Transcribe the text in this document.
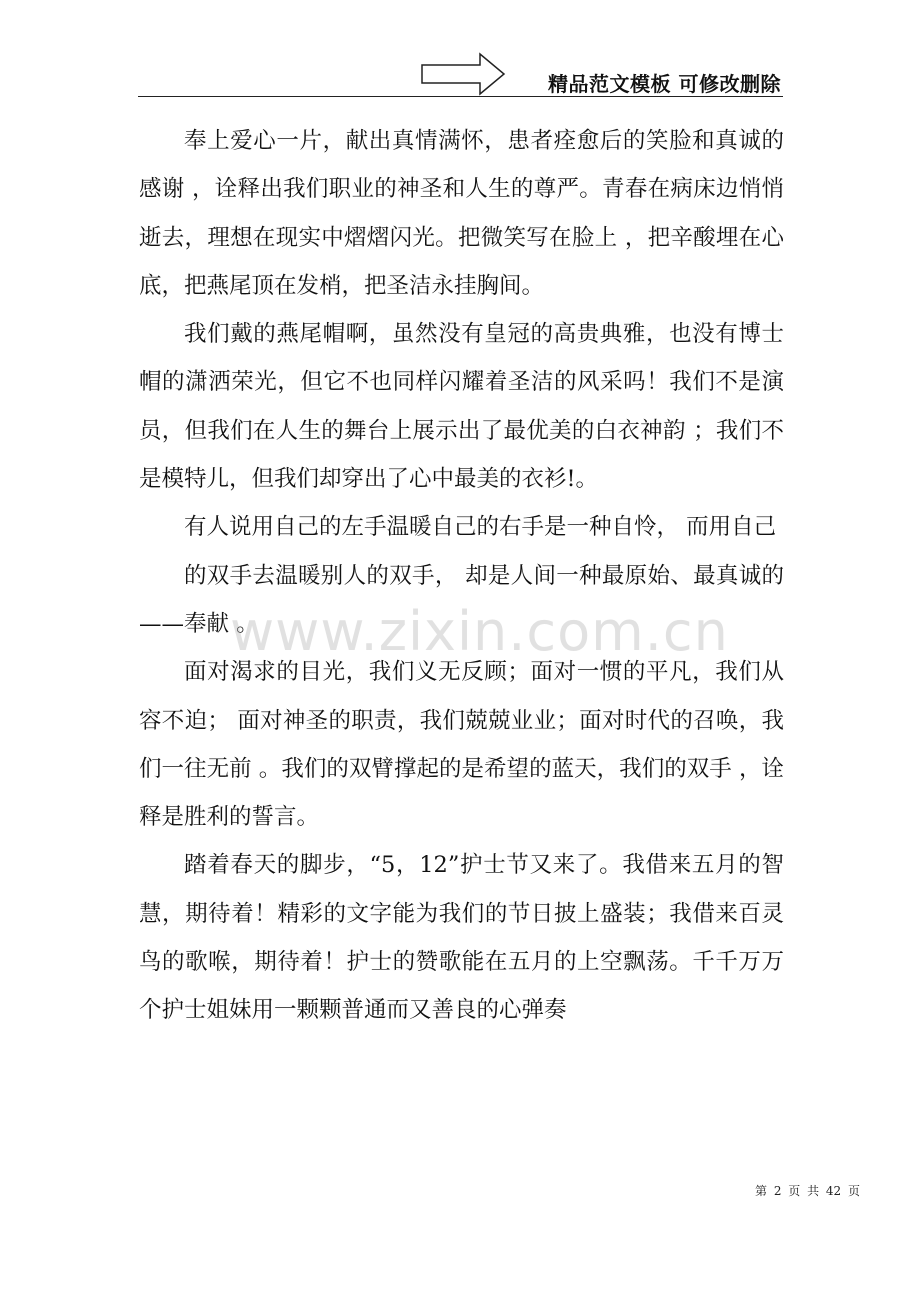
精品范文模板 可修改删除

奉上爱心一片，献出真情满怀，患者痊愈后的笑脸和真诚的感谢 ，诠释出我们职业的神圣和人生的尊严。青春在病床边悄悄逝去，理想在现实中熠熠闪光。把微笑写在脸上 ，把辛酸埋在心底，把燕尾顶在发梢，把圣洁永挂胸间。

我们戴的燕尾帽啊，虽然没有皇冠的高贵典雅，也没有博士帽的潇洒荣光，但它不也同样闪耀着圣洁的风采吗！我们不是演员，但我们在人生的舞台上展示出了最优美的白衣神韵 ；我们不是模特儿，但我们却穿出了心中最美的衣衫!。

有人说用自己的左手温暖自己的右手是一种自怜， 而用自己

的双手去温暖别人的双手， 却是人间一种最原始、最真诚的——奉献 。

面对渴求的目光，我们义无反顾；面对一惯的平凡，我们从容不迫； 面对神圣的职责，我们兢兢业业；面对时代的召唤，我们一往无前 。我们的双臂撑起的是希望的蓝天，我们的双手 ，诠释是胜利的誓言。

踏着春天的脚步，“5，12”护士节又来了。我借来五月的智慧，期待着！精彩的文字能为我们的节日披上盛装；我借来百灵鸟的歌喉，期待着！护士的赞歌能在五月的上空飘荡。千千万万个护士姐妹用一颗颗普通而又善良的心弹奏

www.zixin.com.cn
第 2 页 共 42 页
